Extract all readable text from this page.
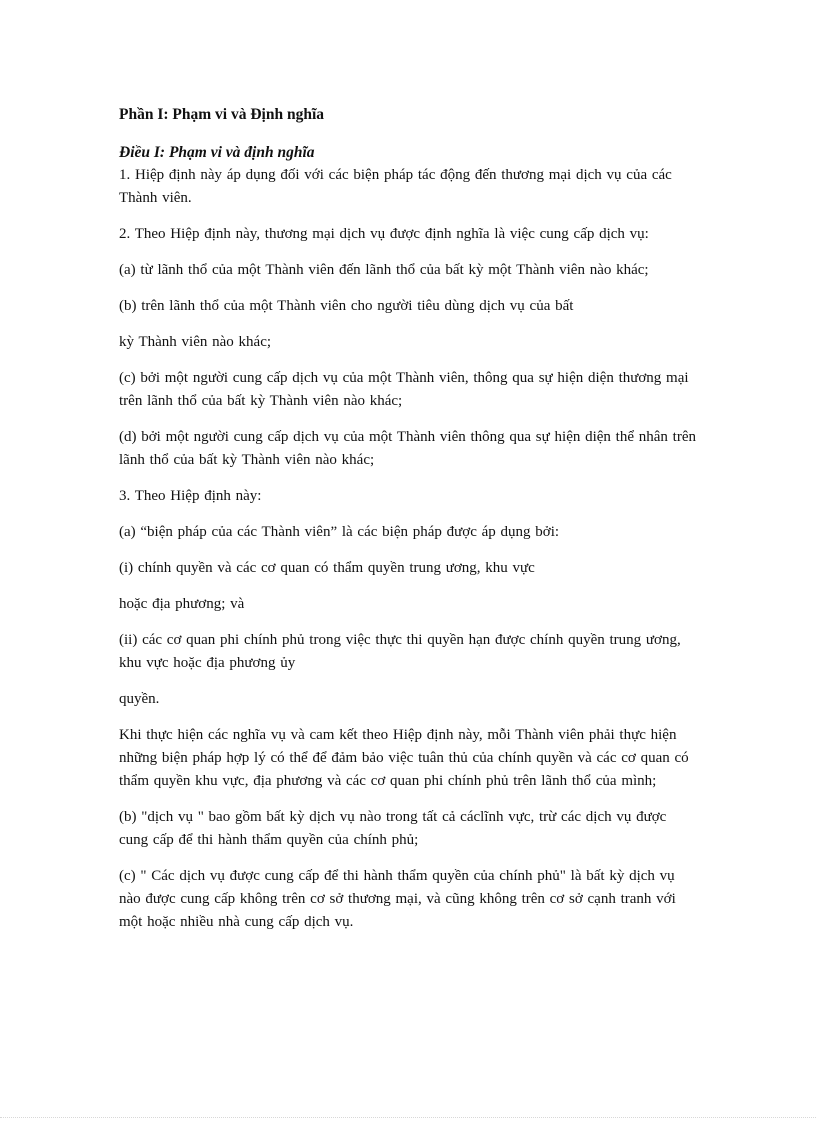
Phần I: Phạm vi và Định nghĩa
Điều I: Phạm vi và định nghĩa

1. Hiệp định này áp dụng đối với các biện pháp tác động đến thương mại dịch vụ của các Thành viên.

2. Theo Hiệp định này, thương mại dịch vụ được định nghĩa là việc cung cấp dịch vụ:

(a) từ lãnh thổ của một Thành viên đến lãnh thổ của bất kỳ một Thành viên nào khác;

(b) trên lãnh thổ của một Thành viên cho người tiêu dùng dịch vụ của bất

kỳ Thành viên nào khác;

(c) bởi một người cung cấp dịch vụ của một Thành viên, thông qua sự hiện diện thương mại trên lãnh thổ của bất kỳ Thành viên nào khác;

(d) bởi một người cung cấp dịch vụ của một Thành viên thông qua sự hiện diện thể nhân trên lãnh thổ của bất kỳ Thành viên nào khác;

3. Theo Hiệp định này:

(a) “biện pháp của các Thành viên” là các biện pháp được áp dụng bởi:

(i) chính quyền và các cơ quan có thẩm quyền trung ương, khu vực

hoặc địa phương; và

(ii) các cơ quan phi chính phủ trong việc thực thi quyền hạn được chính quyền trung ương, khu vực hoặc địa phương ủy

quyền.

Khi thực hiện các nghĩa vụ và cam kết theo Hiệp định này, mỗi Thành viên phải thực hiện những biện pháp hợp lý có thể để đảm bảo việc tuân thủ của chính quyền và các cơ quan có thẩm quyền khu vực, địa phương và các cơ quan phi chính phủ trên lãnh thổ của mình;

(b) "dịch vụ " bao gồm bất kỳ dịch vụ nào trong tất cả cáclĩnh vực, trừ các dịch vụ được cung cấp để thi hành thẩm quyền của chính phủ;

(c) " Các dịch vụ được cung cấp để thi hành thẩm quyền của chính phủ" là bất kỳ dịch vụ nào được cung cấp không trên cơ sở thương mại, và cũng không trên cơ sở cạnh tranh với một hoặc nhiều nhà cung cấp dịch vụ.
